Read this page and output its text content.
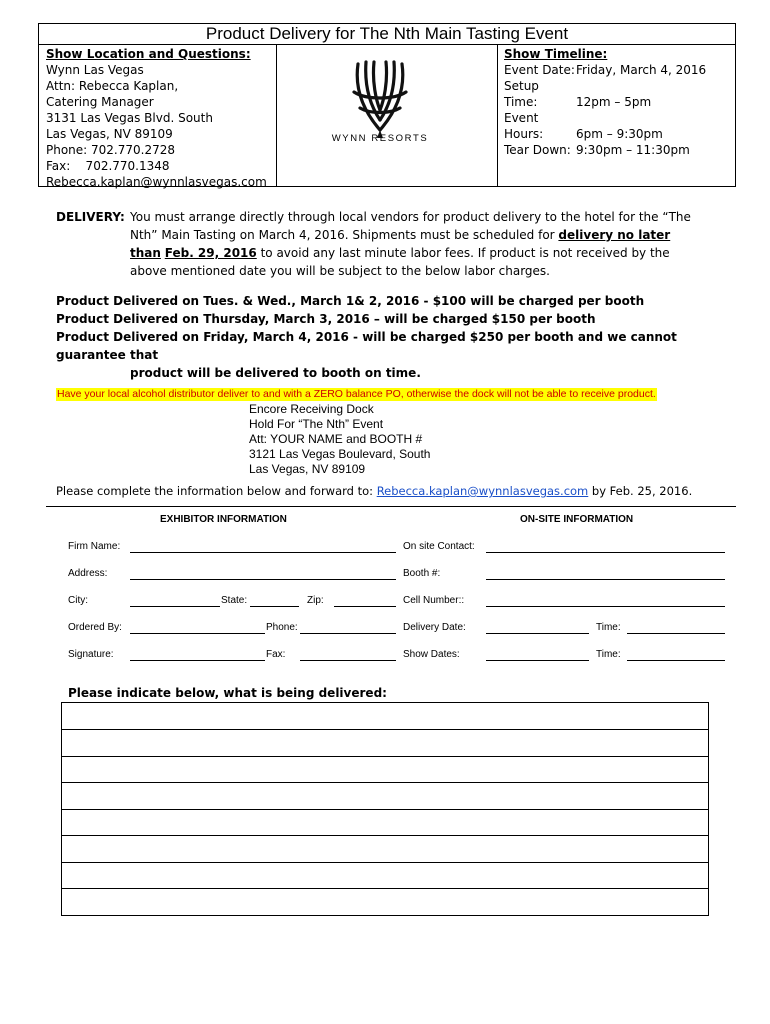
Product Delivery for The Nth Main Tasting Event
Show Location and Questions:
Wynn Las Vegas
Attn: Rebecca Kaplan,
Catering Manager
3131 Las Vegas Blvd. South
Las Vegas, NV 89109
Phone: 702.770.2728
Fax:    702.770.1348
Rebecca.kaplan@wynnlasvegas.com
WYNN RESORTS
Show Timeline:
Event Date:Friday, March 4, 2016
Setup Time:	12pm – 5pm
Event Hours:	6pm – 9:30pm
Tear Down: 9:30pm – 11:30pm
DELIVERY: You must arrange directly through local vendors for product delivery to the hotel for the “The Nth” Main Tasting on March 4, 2016. Shipments must be scheduled for delivery no later than Feb. 29, 2016 to avoid any last minute labor fees. If product is not received by the above mentioned date you will be subject to the below labor charges.
Product Delivered on Tues. & Wed., March 1& 2, 2016 - $100 will be charged per booth
Product Delivered on Thursday, March 3, 2016 – will be charged $150 per booth
Product Delivered on Friday, March 4, 2016 - will be charged $250 per booth and we cannot guarantee that
product will be delivered to booth on time.
Have your local alcohol distributor deliver to and with a ZERO balance PO, otherwise the dock will not be able to receive product.
Encore Receiving Dock
Hold For “The Nth” Event
Att: YOUR NAME and BOOTH #
3121 Las Vegas Boulevard, South
Las Vegas, NV 89109
Please complete the information below and forward to: Rebecca.kaplan@wynnlasvegas.com by Feb. 25, 2016.
EXHIBITOR INFORMATION	ON-SITE INFORMATION
Firm Name:	On site Contact:
Address:	Booth #:
City:	State:	Zip:	Cell Number::
Ordered By:	Phone:	Delivery Date:	Time:
Signature:	Fax:	Show Dates:	Time:
Please indicate below, what is being delivered:
